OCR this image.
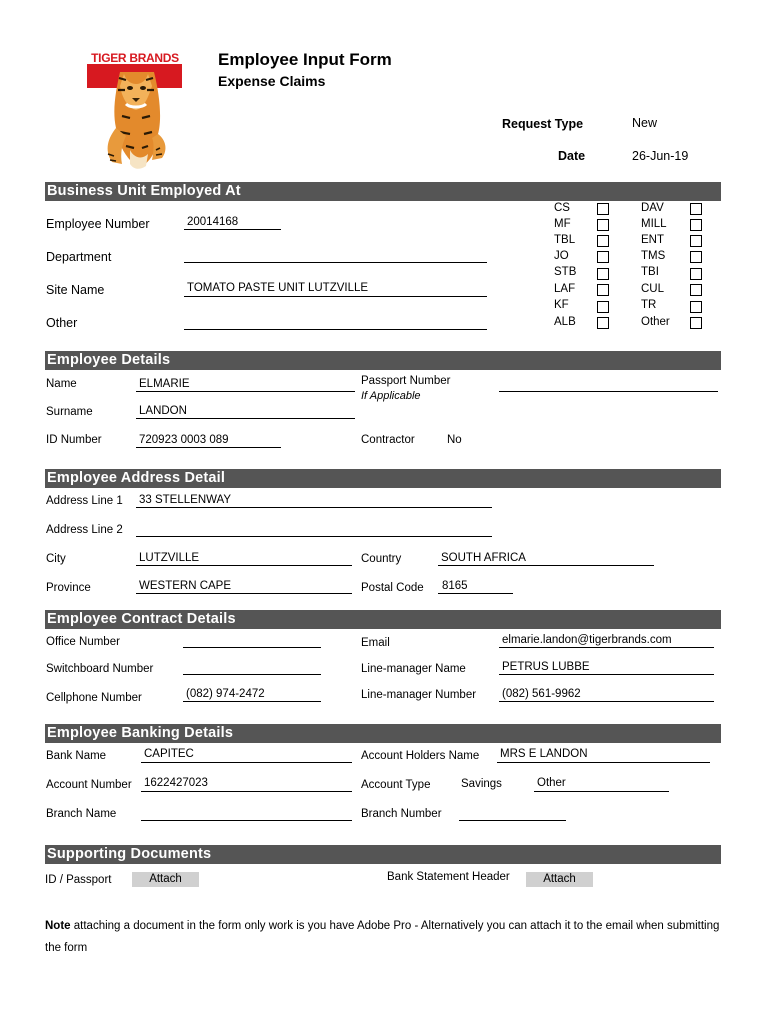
TIGER BRANDS Employee Input Form
Expense Claims
Request Type	New
Date	26-Jun-19
Business Unit Employed At
Employee Number	20014168
Department
Site Name	TOMATO PASTE UNIT LUTZVILLE
Other
CS
MF
TBL
JO
STB
LAF
KF
ALB
DAV
MILL
ENT
TMS
TBI
CUL
TR
Other
Employee Details
Name	ELMARIE
Surname	LANDON
ID Number	720923 0003 089
Passport Number
If Applicable
Contractor	No
Employee Address Detail
Address Line 1 33 STELLENWAY
Address Line 2
City	LUTZVILLE
Province	WESTERN CAPE
Country	SOUTH AFRICA
Postal Code 8165
Employee Contract Details
Office Number
Switchboard Number
Cellphone Number	(082) 974-2472
Email	elmarie.landon@tigerbrands.com
Line-manager Name	PETRUS LUBBE
Line-manager Number (082) 561-9962
Employee Banking Details
Bank Name	CAPITEC
Account Number 1622427023
Branch Name
Account Holders Name MRS E LANDON
Account Type	Savings	Other
Branch Number
Supporting Documents
ID / Passport	Attach	Bank Statement Header	Attach
Note attaching a document in the form only work is you have Adobe Pro - Alternatively you can attach it to the email when submitting the form
